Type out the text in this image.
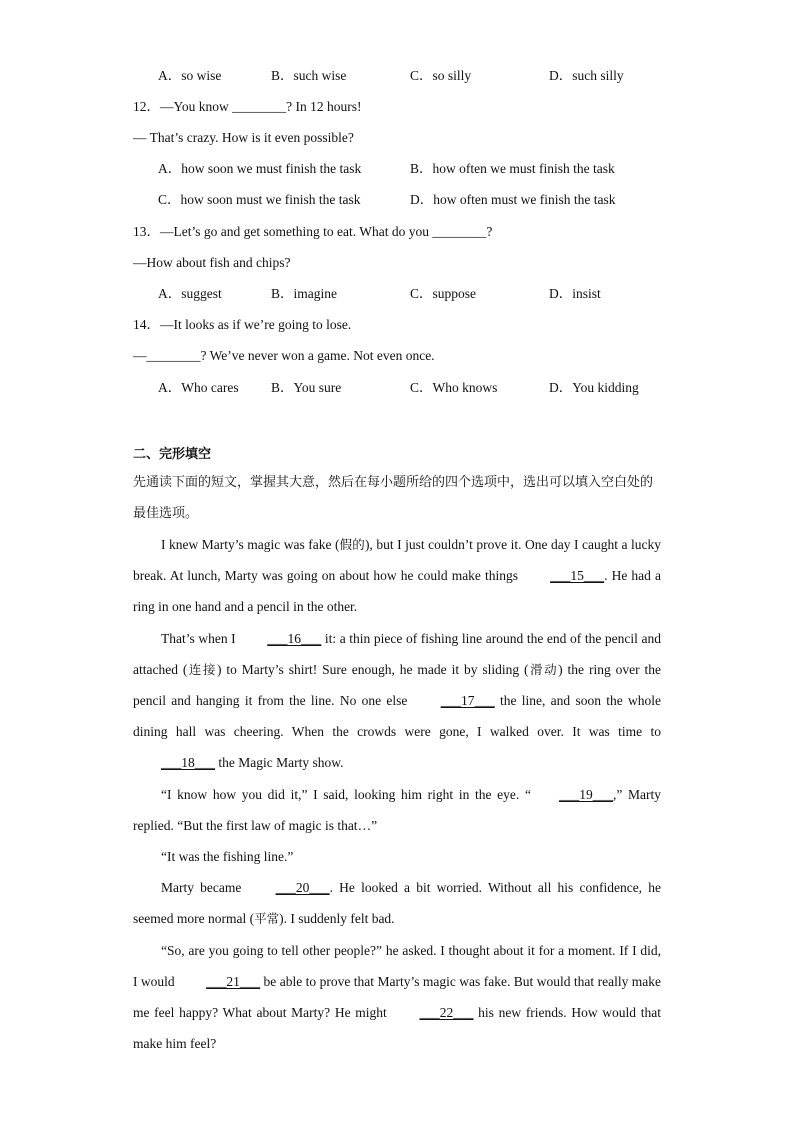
A．so wise	B．such wise	C．so silly	D．such silly
12．—You know ________? In 12 hours!
— That’s crazy. How is it even possible?
A．how soon we must finish the task	B．how often we must finish the task
C．how soon must we finish the task	D．how often must we finish the task
13．—Let’s go and get something to eat. What do you ________?
—How about fish and chips?
A．suggest	B．imagine	C．suppose	D．insist
14．—It looks as if we’re going to lose.
—________? We’ve never won a game. Not even once.
A．Who cares B．You sure	C．Who knows	D．You kidding
二、完形填空
先通读下面的短文，掌握其大意，然后在每小题所给的四个选项中，选出可以填入空白处的最佳选项。

I knew Marty’s magic was fake (假的), but I just couldn’t prove it. One day I caught a lucky break. At lunch, Marty was going on about how he could make things ___15___. He had a ring in one hand and a pencil in the other.

That’s when I ___16___ it: a thin piece of fishing line around the end of the pencil and attached (连接) to Marty’s shirt! Sure enough, he made it by sliding (滑动) the ring over the pencil and hanging it from the line. No one else ___17___ the line, and soon the whole dining hall was cheering. When the crowds were gone, I walked over. It was time to ___18___ the Magic Marty show.

“I know how you did it,” I said, looking him right in the eye. “ ___19___,” Marty replied. “But the first law of magic is that…”

“It was the fishing line.”

Marty became ___20___. He looked a bit worried. Without all his confidence, he seemed more normal (平常). I suddenly felt bad.

“So, are you going to tell other people?” he asked. I thought about it for a moment. If I did, I would ___21___ be able to prove that Marty’s magic was fake. But would that really make me feel happy? What about Marty? He might ___22___ his new friends. How would that make him feel?
